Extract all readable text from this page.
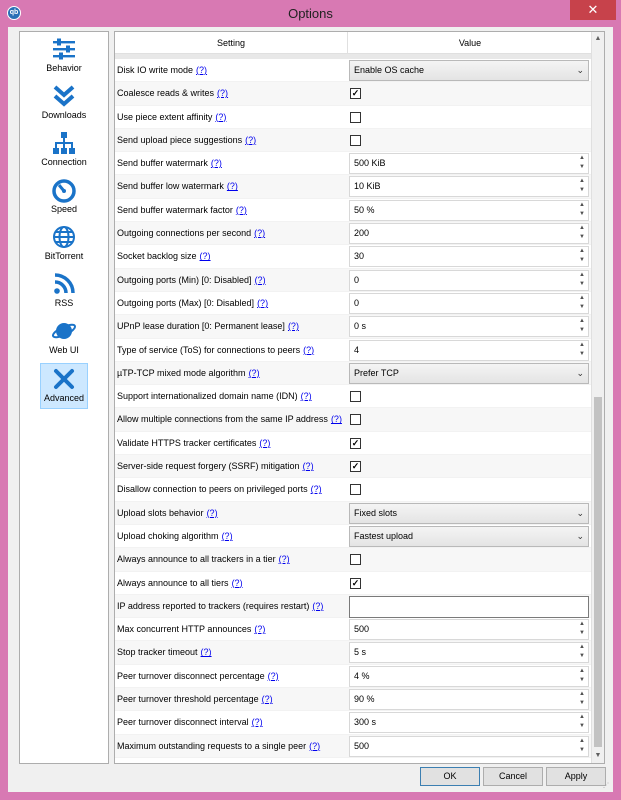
qb	Options	✕
Behavior
Downloads
Connection
Speed
BitTorrent
RSS
Web UI
Advanced
Setting	Value
Disk IO write mode (?)	Enable OS cache	⌄
Coalesce reads & writes (?)	✓
Use piece extent affinity (?)
Send upload piece suggestions (?)
Send buffer watermark (?)	500 KiB	▲
▼
Send buffer low watermark (?)	10 KiB	▲
▼
Send buffer watermark factor (?)	50 %	▲
▼
Outgoing connections per second (?)	200	▲
▼
Socket backlog size (?)	30	▲
▼
Outgoing ports (Min) [0: Disabled] (?)	0	▲
▼
Outgoing ports (Max) [0: Disabled] (?)	0	▲
▼
UPnP lease duration [0: Permanent lease] (?)	0 s	▲
▼
Type of service (ToS) for connections to peers (?)	4	▲
▼
µTP-TCP mixed mode algorithm (?)	Prefer TCP	⌄
Support internationalized domain name (IDN) (?)
Allow multiple connections from the same IP address (?)
Validate HTTPS tracker certificates (?)	✓
Server-side request forgery (SSRF) mitigation (?)	✓
Disallow connection to peers on privileged ports (?)
Upload slots behavior (?)	Fixed slots	⌄
Upload choking algorithm (?)	Fastest upload	⌄
Always announce to all trackers in a tier (?)
Always announce to all tiers (?)	✓
IP address reported to trackers (requires restart) (?)
Max concurrent HTTP announces (?)	500	▲
▼
Stop tracker timeout (?)	5 s	▲
▼
Peer turnover disconnect percentage (?)	4 %	▲
▼
Peer turnover threshold percentage (?)	90 %	▲
▼
Peer turnover disconnect interval (?)	300 s	▲
▼
Maximum outstanding requests to a single peer (?)	500	▲
▼
▲
▼
OK	Cancel	Apply
⋰
